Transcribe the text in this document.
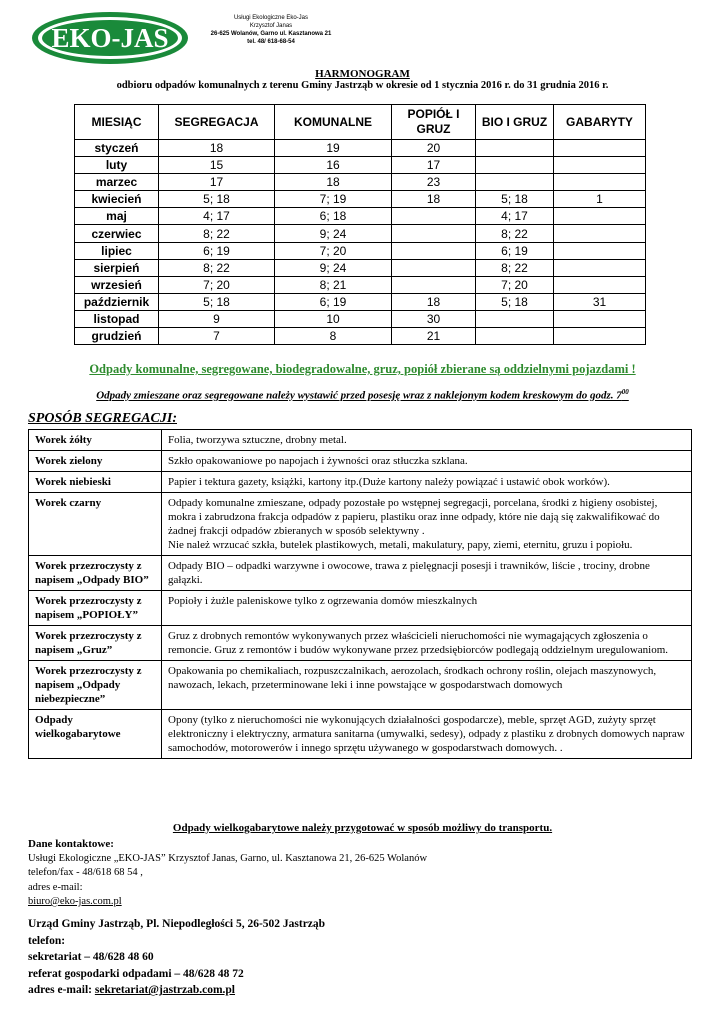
EKO-JAS
Usługi Ekologiczne Eko-Jas
Krzysztof Janas
26-625 Wolanów, Garno ul. Kasztanowa 21
tel. 48/ 618-68-54
HARMONOGRAM
odbioru odpadów komunalnych z terenu Gminy Jastrząb w okresie od 1 stycznia 2016 r. do 31 grudnia 2016 r.
MIESIĄC	SEGREGACJA	KOMUNALNE	POPIÓŁ I GRUZ	BIO I GRUZ	GABARYTY
styczeń	18	19	20		
luty	15	16	17		
marzec	17	18	23		
kwiecień	5; 18	7; 19	18	5; 18	1
maj	4; 17	6; 18		4; 17	
czerwiec	8; 22	9; 24		8; 22	
lipiec	6; 19	7; 20		6; 19	
sierpień	8; 22	9; 24		8; 22	
wrzesień	7; 20	8; 21		7; 20	
październik	5; 18	6; 19	18	5; 18	31
listopad	9	10	30		
grudzień	7	8	21		
Odpady komunalne, segregowane, biodegradowalne, gruz, popiół zbierane są oddzielnymi pojazdami !
Odpady zmieszane oraz segregowane należy wystawić przed posesję wraz z naklejonym kodem kreskowym do godz. $7^{00}$
SPOSÓB SEGREGACJI:
Worek żółty	Folia, tworzywa sztuczne, drobny metal.
Worek zielony	Szkło opakowaniowe po napojach i żywności oraz stłuczka szklana.
Worek niebieski	Papier i tektura gazety, książki, kartony itp.(Duże kartony należy powiązać i ustawić obok worków).
Worek czarny	Odpady komunalne zmieszane, odpady pozostałe po wstępnej segregacji, porcelana, środki z higieny osobistej, mokra i zabrudzona frakcja odpadów z papieru, plastiku oraz inne odpady, które nie dają się zakwalifikować do żadnej frakcji odpadów zbieranych w sposób selektywny .
Nie należ wrzucać szkła, butelek plastikowych, metali, makulatury, papy, ziemi, eternitu, gruzu i popiołu.
Worek przezroczysty z napisem „Odpady BIO”	Odpady BIO – odpadki warzywne i owocowe, trawa z pielęgnacji posesji i trawników, liście , trociny, drobne gałązki.
Worek przezroczysty z napisem „POPIOŁY”	Popioły i żużle paleniskowe tylko z ogrzewania domów mieszkalnych
Worek przezroczysty z napisem „Gruz”	Gruz z drobnych remontów wykonywanych przez właścicieli nieruchomości nie wymagających zgłoszenia o remoncie. Gruz z remontów i budów wykonywane przez przedsiębiorców podlegają oddzielnym uregulowaniom.
Worek przezroczysty z napisem „Odpady niebezpieczne”	Opakowania po chemikaliach, rozpuszczalnikach, aerozolach, środkach ochrony roślin, olejach maszynowych, nawozach, lekach, przeterminowane leki i inne powstające w gospodarstwach domowych
Odpady wielkogabarytowe	Opony (tylko z nieruchomości nie wykonujących działalności gospodarcze), meble, sprzęt AGD, zużyty sprzęt elektroniczny i elektryczny, armatura sanitarna (umywalki, sedesy), odpady z plastiku z drobnych domowych napraw samochodów, motorowerów i innego sprzętu używanego w gospodarstwach domowych. .
Odpady wielkogabarytowe należy przygotować w sposób możliwy do transportu.
Dane kontaktowe:
Usługi Ekologiczne „EKO-JAS” Krzysztof Janas, Garno, ul. Kasztanowa 21, 26-625 Wolanów
telefon/fax - 48/618 68 54 ,
adres e-mail:
biuro@eko-jas.com.pl
Urząd Gminy Jastrząb, Pl. Niepodległości 5, 26-502 Jastrząb
telefon:
sekretariat – 48/628 48 60
referat gospodarki odpadami – 48/628 48 72
adres e-mail: sekretariat@jastrzab.com.pl
